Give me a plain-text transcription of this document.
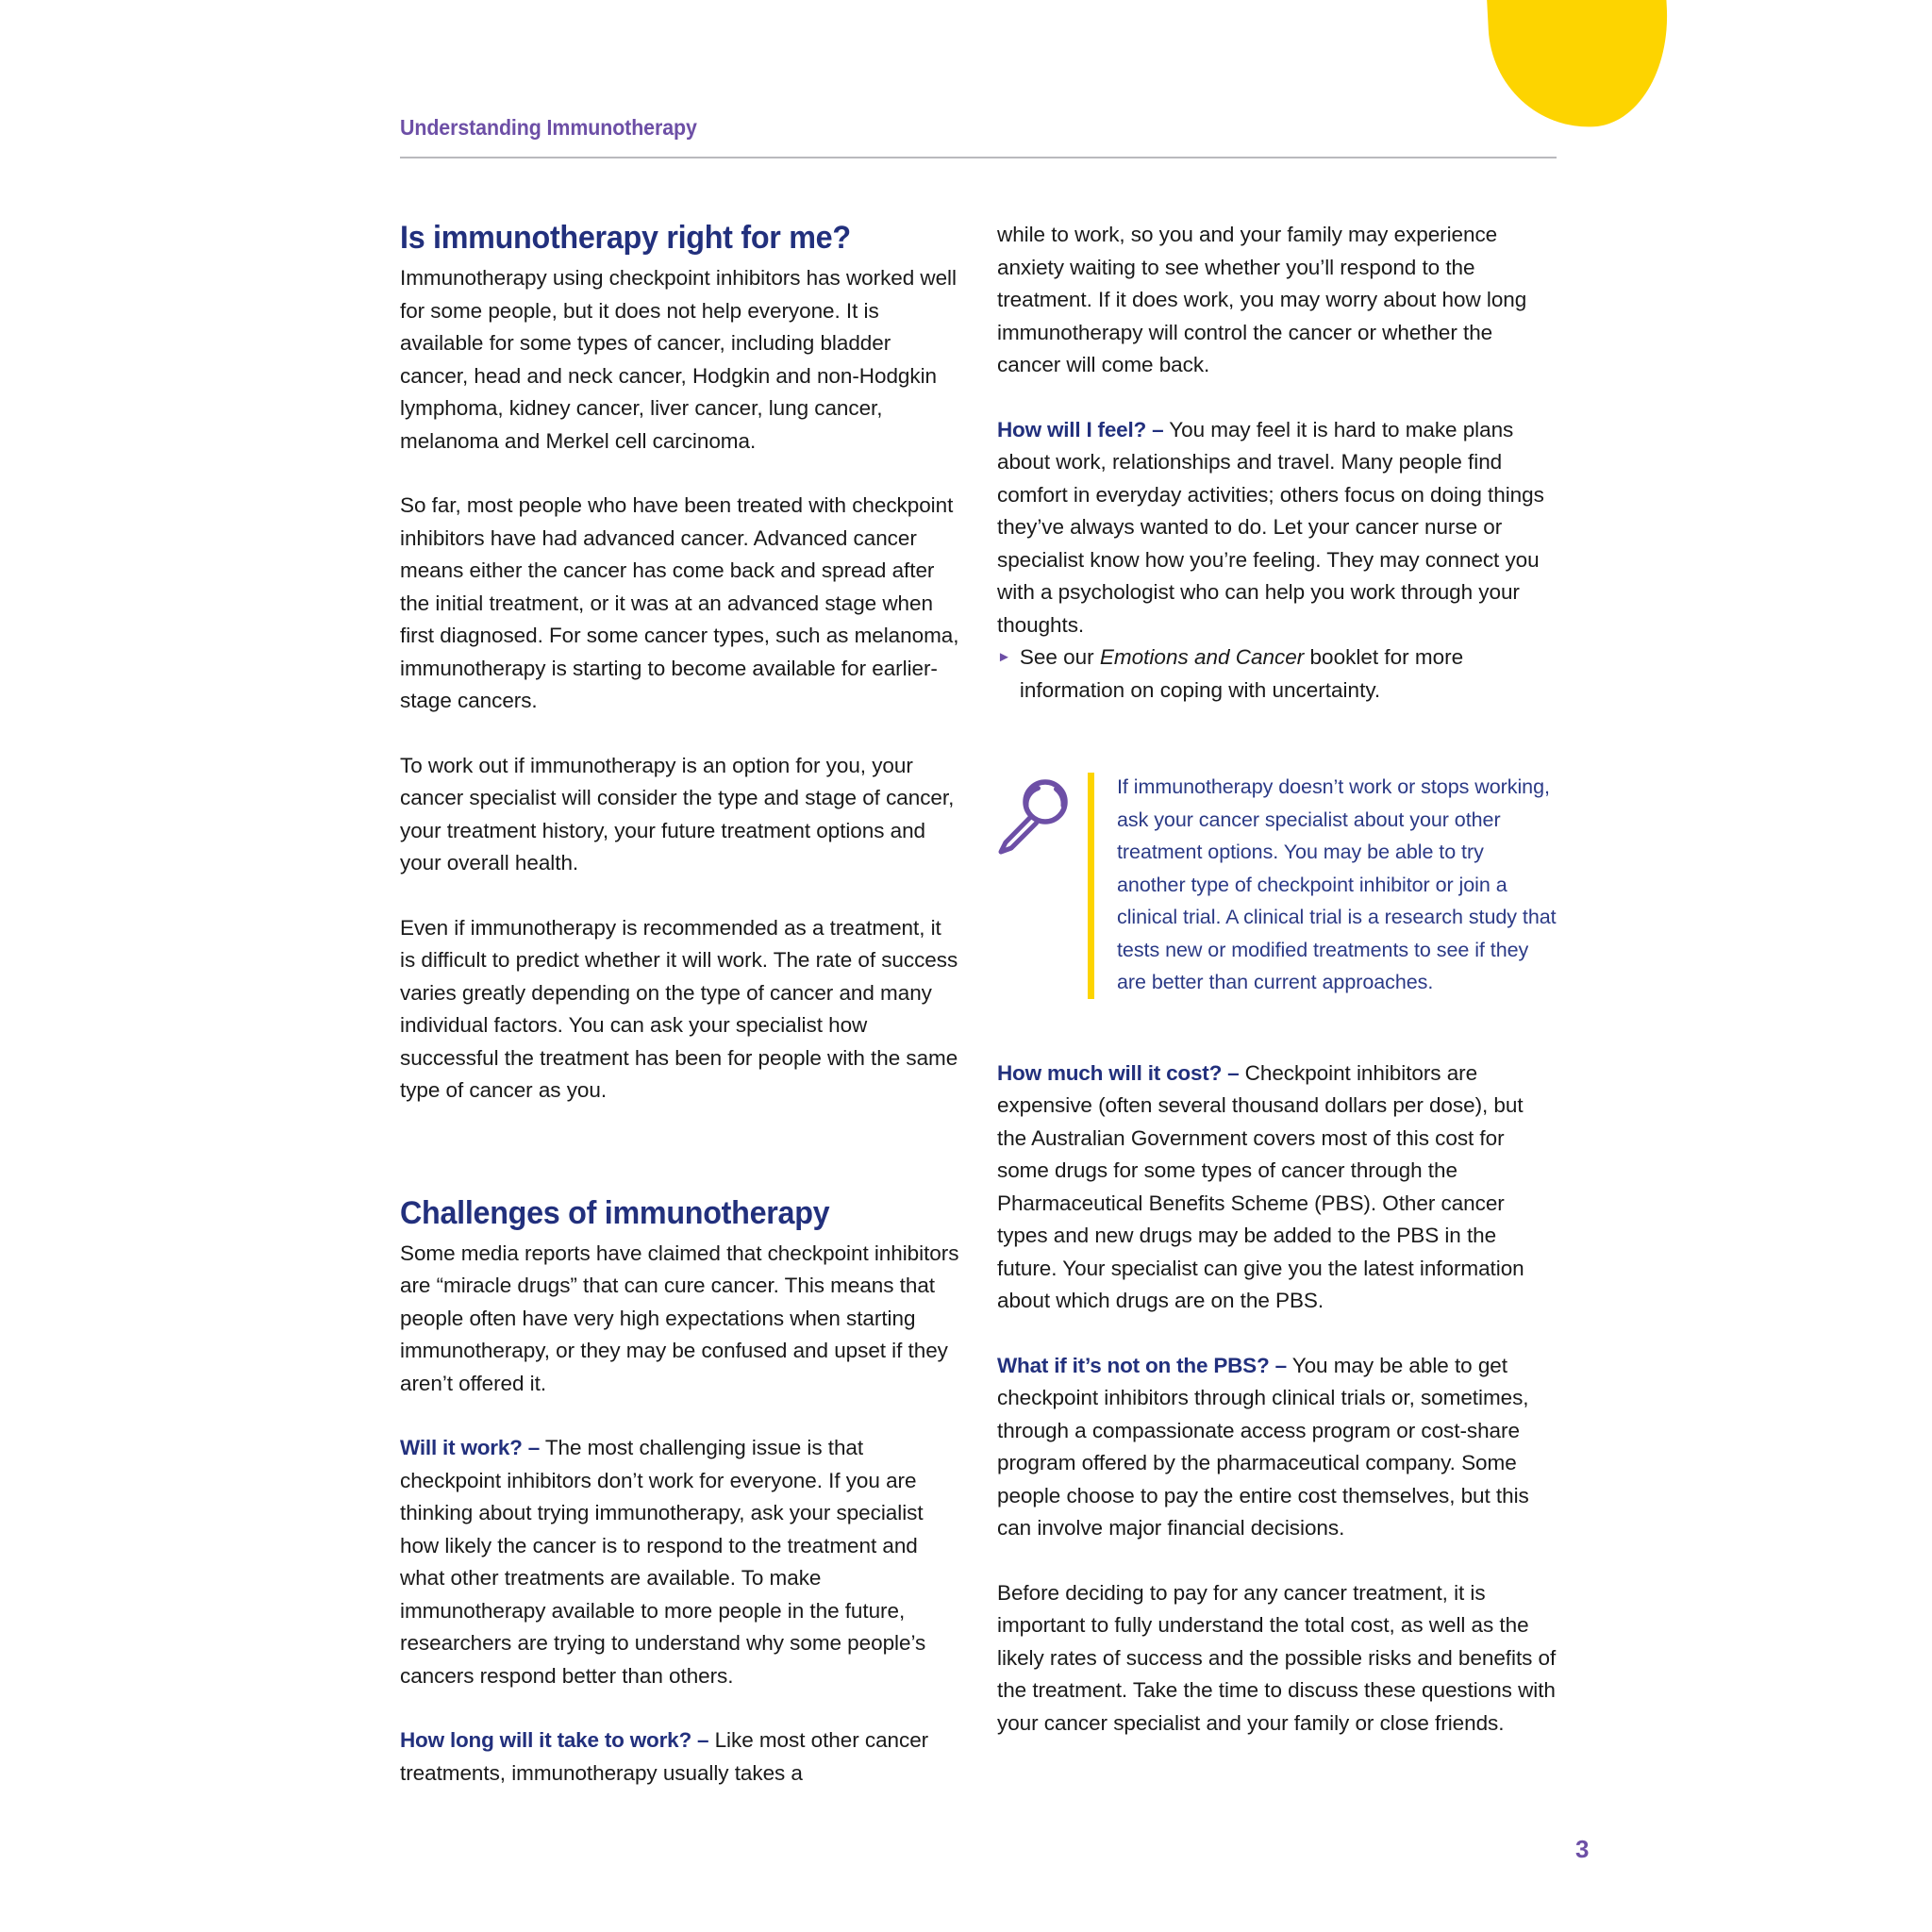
Understanding Immunotherapy
Is immunotherapy right for me?

Immunotherapy using checkpoint inhibitors has worked well for some people, but it does not help everyone. It is available for some types of cancer, including bladder cancer, head and neck cancer, Hodgkin and non-Hodgkin lymphoma, kidney cancer, liver cancer, lung cancer, melanoma and Merkel cell carcinoma.

So far, most people who have been treated with checkpoint inhibitors have had advanced cancer. Advanced cancer means either the cancer has come back and spread after the initial treatment, or it was at an advanced stage when first diagnosed. For some cancer types, such as melanoma, immunotherapy is starting to become available for earlier-stage cancers.

To work out if immunotherapy is an option for you, your cancer specialist will consider the type and stage of cancer, your treatment history, your future treatment options and your overall health.

Even if immunotherapy is recommended as a treatment, it is difficult to predict whether it will work. The rate of success varies greatly depending on the type of cancer and many individual factors. You can ask your specialist how successful the treatment has been for people with the same type of cancer as you.

Challenges of immunotherapy

Some media reports have claimed that checkpoint inhibitors are “miracle drugs” that can cure cancer. This means that people often have very high expectations when starting immunotherapy, or they may be confused and upset if they aren’t offered it.

Will it work? – The most challenging issue is that checkpoint inhibitors don’t work for everyone. If you are thinking about trying immunotherapy, ask your specialist how likely the cancer is to respond to the treatment and what other treatments are available. To make immunotherapy available to more people in the future, researchers are trying to understand why some people’s cancers respond better than others.

How long will it take to work? – Like most other cancer treatments, immunotherapy usually takes a

while to work, so you and your family may experience anxiety waiting to see whether you’ll respond to the treatment. If it does work, you may worry about how long immunotherapy will control the cancer or whether the cancer will come back.

How will I feel? – You may feel it is hard to make plans about work, relationships and travel. Many people find comfort in everyday activities; others focus on doing things they’ve always wanted to do. Let your cancer nurse or specialist know how you’re feeling. They may connect you with a psychologist who can help you work through your thoughts.

► See our Emotions and Cancer booklet for more information on coping with uncertainty.
If immunotherapy doesn’t work or stops working, ask your cancer specialist about your other treatment options. You may be able to try another type of checkpoint inhibitor or join a clinical trial. A clinical trial is a research study that tests new or modified treatments to see if they are better than current approaches.

How much will it cost? – Checkpoint inhibitors are expensive (often several thousand dollars per dose), but the Australian Government covers most of this cost for some drugs for some types of cancer through the Pharmaceutical Benefits Scheme (PBS). Other cancer types and new drugs may be added to the PBS in the future. Your specialist can give you the latest information about which drugs are on the PBS.

What if it’s not on the PBS? – You may be able to get checkpoint inhibitors through clinical trials or, sometimes, through a compassionate access program or cost-share program offered by the pharmaceutical company. Some people choose to pay the entire cost themselves, but this can involve major financial decisions.

Before deciding to pay for any cancer treatment, it is important to fully understand the total cost, as well as the likely rates of success and the possible risks and benefits of the treatment. Take the time to discuss these questions with your cancer specialist and your family or close friends.

3
